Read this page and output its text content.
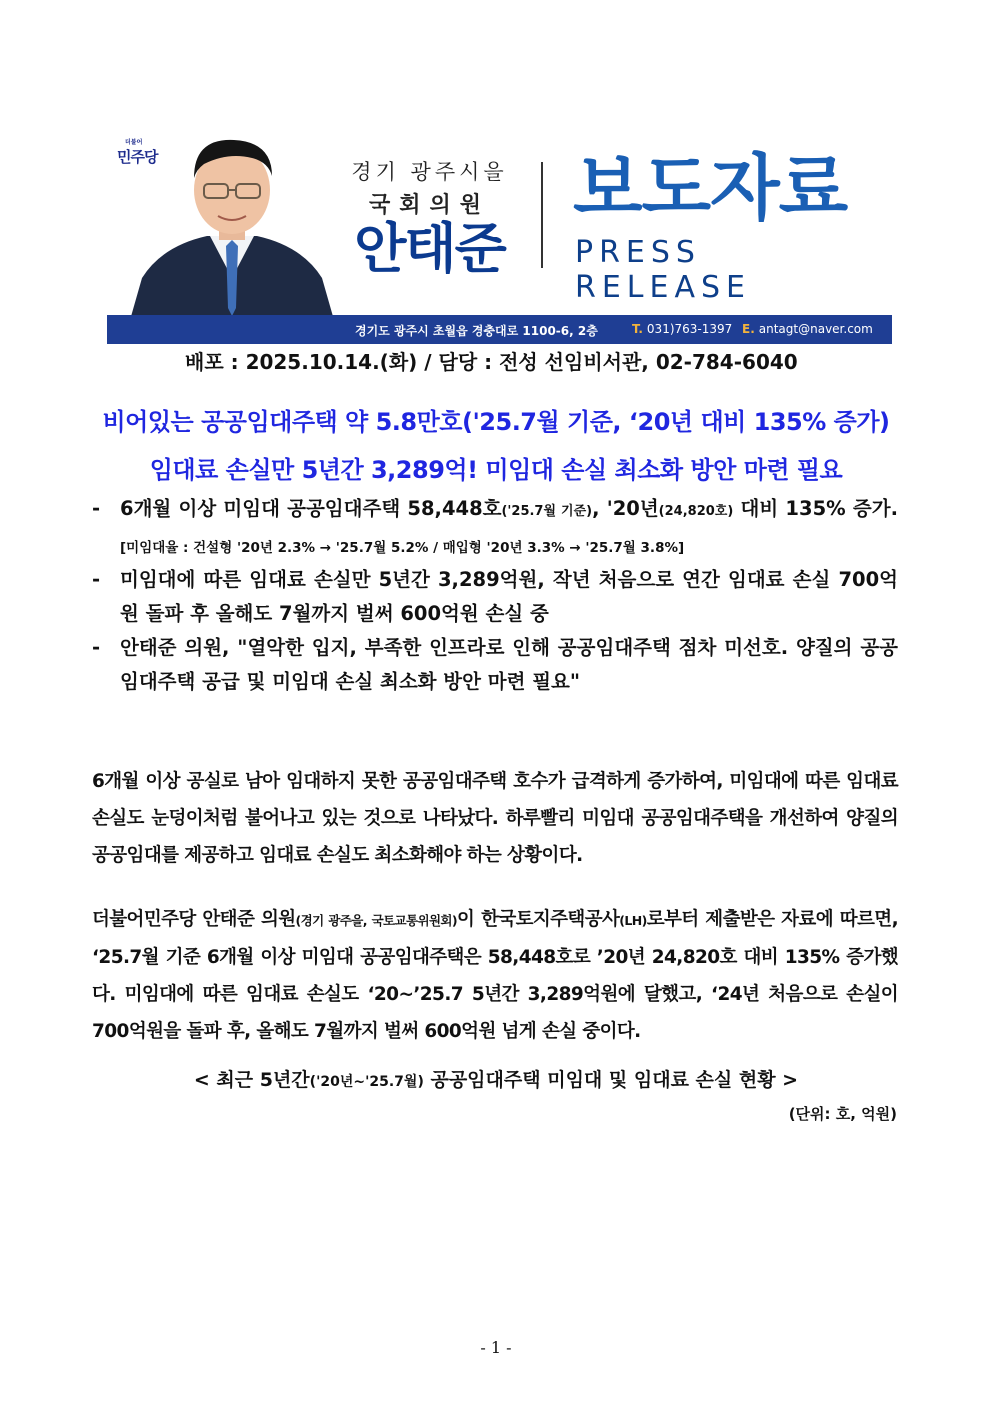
더불어
민주당
경기 광주시을
국회의원
안태준
보도자료
PRESS RELEASE
경기도 광주시 초월읍 경충대로 1100-6, 2층	T. 031)763-1397 E. antagt@naver.com
배포 : 2025.10.14.(화) / 담당 : 전성 선임비서관, 02-784-6040
비어있는 공공임대주택 약 5.8만호('25.7월 기준, ‘20년 대비 135% 증가)
임대료 손실만 5년간 3,289억! 미임대 손실 최소화 방안 마련 필요
- 6개월 이상 미임대 공공임대주택 58,448호('25.7월 기준), '20년(24,820호) 대비 135% 증가. [미임대율 : 건설형 '20년 2.3% → '25.7월 5.2% / 매입형 '20년 3.3% → '25.7월 3.8%]
- 미임대에 따른 임대료 손실만 5년간 3,289억원, 작년 처음으로 연간 임대료 손실 700억원 돌파 후 올해도 7월까지 벌써 600억원 손실 중
- 안태준 의원, "열악한 입지, 부족한 인프라로 인해 공공임대주택 점차 미선호. 양질의 공공임대주택 공급 및 미임대 손실 최소화 방안 마련 필요"
6개월 이상 공실로 남아 임대하지 못한 공공임대주택 호수가 급격하게 증가하여, 미임대에 따른 임대료 손실도 눈덩이처럼 불어나고 있는 것으로 나타났다. 하루빨리 미임대 공공임대주택을 개선하여 양질의 공공임대를 제공하고 임대료 손실도 최소화해야 하는 상황이다.
더불어민주당 안태준 의원(경기 광주을, 국토교통위원회)이 한국토지주택공사(LH)로부터 제출받은 자료에 따르면, ‘25.7월 기준 6개월 이상 미임대 공공임대주택은 58,448호로 ’20년 24,820호 대비 135% 증가했다. 미임대에 따른 임대료 손실도 ‘20~’25.7 5년간 3,289억원에 달했고, ‘24년 처음으로 손실이 700억원을 돌파 후, 올해도 7월까지 벌써 600억원 넘게 손실 중이다.
< 최근 5년간('20년~'25.7월) 공공임대주택 미임대 및 임대료 손실 현황 >
(단위: 호, 억원)
- 1 -
